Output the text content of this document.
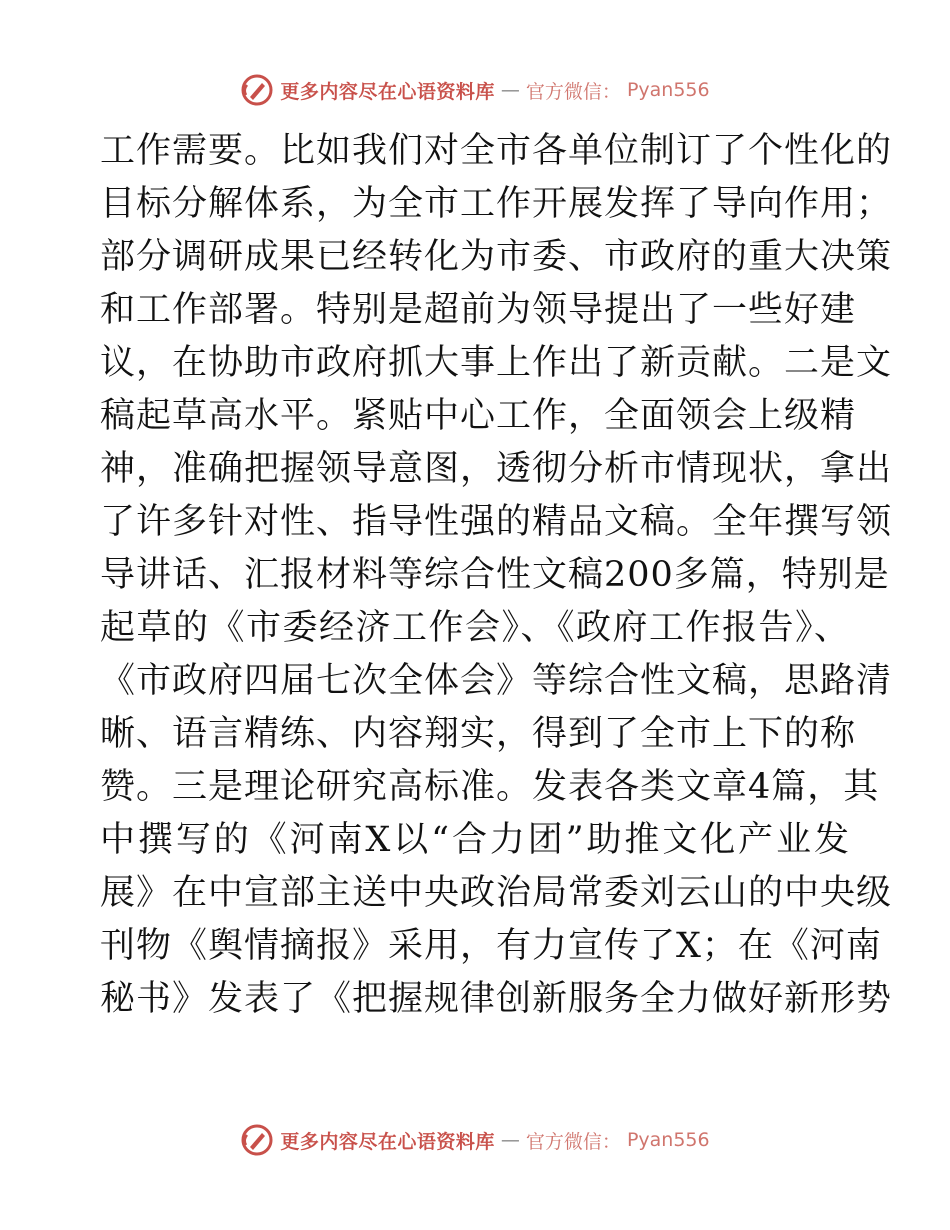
更多内容尽在心语资料库 — 官方微信： Pyan556
工作需要。比如我们对全市各单位制订了个性化的
目标分解体系，为全市工作开展发挥了导向作用；
部分调研成果已经转化为市委、市政府的重大决策
和工作部署。特别是超前为领导提出了一些好建
议，在协助市政府抓大事上作出了新贡献。二是文
稿起草高水平。紧贴中心工作，全面领会上级精
神，准确把握领导意图，透彻分析市情现状，拿出
了许多针对性、指导性强的精品文稿。全年撰写领
导讲话、汇报材料等综合性文稿200多篇，特别是
起草的《市委经济工作会》、《政府工作报告》、
《市政府四届七次全体会》等综合性文稿，思路清
晰、语言精练、内容翔实，得到了全市上下的称
赞。三是理论研究高标准。发表各类文章4篇，其
中撰写的《河南X以“合力团”助推文化产业发
展》在中宣部主送中央政治局常委刘云山的中央级
刊物《舆情摘报》采用，有力宣传了X；在《河南
秘书》发表了《把握规律创新服务全力做好新形势
更多内容尽在心语资料库 — 官方微信： Pyan556
